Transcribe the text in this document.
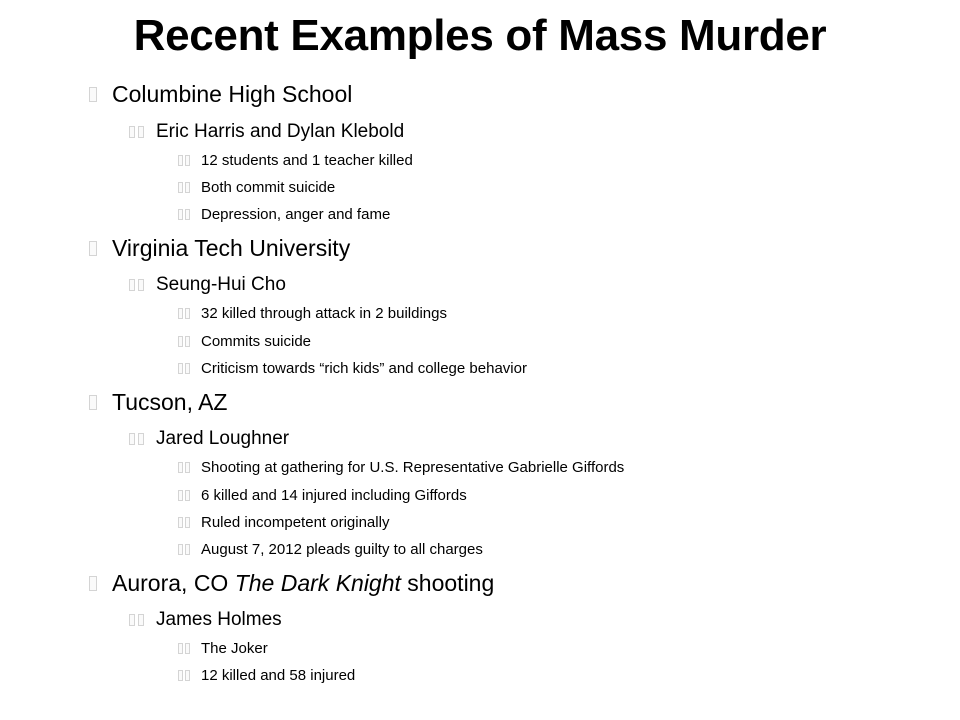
Recent Examples of Mass Murder
Columbine High School
Eric Harris and Dylan Klebold
12 students and 1 teacher killed
Both commit suicide
Depression, anger and fame
Virginia Tech University
Seung-Hui Cho
32 killed through attack in 2 buildings
Commits suicide
Criticism towards “rich kids” and college behavior
Tucson, AZ
Jared Loughner
Shooting at gathering for U.S. Representative Gabrielle Giffords
6 killed and 14 injured including Giffords
Ruled incompetent originally
August 7, 2012 pleads guilty to all charges
Aurora, CO The Dark Knight shooting
James Holmes
The Joker
12 killed and 58 injured
